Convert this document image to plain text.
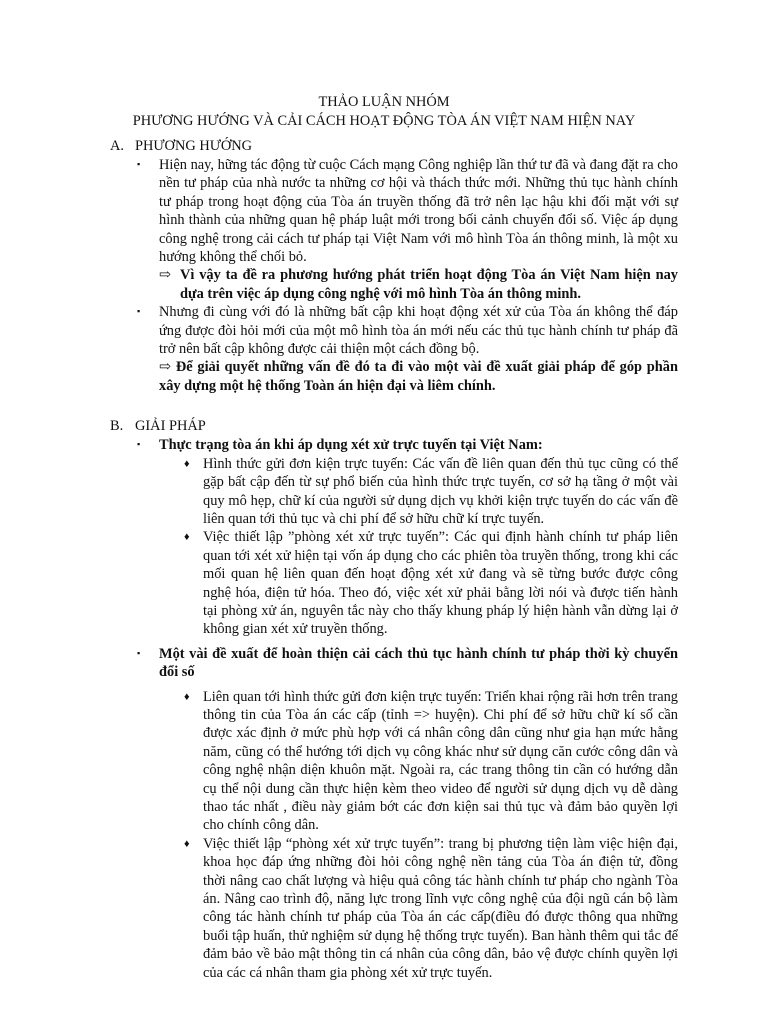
THẢO LUẬN NHÓM

PHƯƠNG HƯỚNG VÀ CẢI CÁCH HOẠT ĐỘNG TÒA ÁN VIỆT NAM HIỆN NAY

A. PHƯƠNG HƯỚNG
▪ Hiện nay, hững tác động từ cuộc Cách mạng Công nghiệp lần thứ tư đã và đang đặt ra cho nền tư pháp của nhà nước ta những cơ hội và thách thức mới. Những thủ tục hành chính tư pháp trong hoạt động của Tòa án truyền thống đã trở nên lạc hậu khi đối mặt với sự hình thành của những quan hệ pháp luật mới trong bối cảnh chuyển đổi số. Việc áp dụng công nghệ trong cải cách tư pháp tại Việt Nam với mô hình Tòa án thông minh, là một xu hướng không thể chối bỏ.
⇨ Vì vậy ta đề ra phương hướng phát triển hoạt động Tòa án Việt Nam hiện nay dựa trên việc áp dụng công nghệ với mô hình Tòa án thông minh.
▪ Nhưng đi cùng với đó là những bất cập khi hoạt động xét xử của Tòa án không thể đáp ứng được đòi hỏi mới của một mô hình tòa án mới nếu các thủ tục hành chính tư pháp đã trở nên bất cập không được cải thiện một cách đồng bộ.
⇨ Để giải quyết những vấn đề đó ta đi vào một vài đề xuất giải pháp để góp phần xây dựng một hệ thống Toàn án hiện đại và liêm chính.
B. GIẢI PHÁP
▪ Thực trạng tòa án khi áp dụng xét xử trực tuyến tại Việt Nam:
♦ Hình thức gửi đơn kiện trực tuyến: Các vấn đề liên quan đến thủ tục cũng có thể gặp bất cập đến từ sự phổ biến của hình thức trực tuyến, cơ sở hạ tầng ở một vài quy mô hẹp, chữ kí của người sử dụng dịch vụ khởi kiện trực tuyến do các vấn đề liên quan tới thủ tục và chi phí để sở hữu chữ kí trực tuyến.
♦ Việc thiết lập ”phòng xét xử trực tuyến”: Các qui định hành chính tư pháp liên quan tới xét xử hiện tại vốn áp dụng cho các phiên tòa truyền thống, trong khi các mối quan hệ liên quan đến hoạt động xét xử đang và sẽ từng bước được công nghệ hóa, điện tử hóa. Theo đó, việc xét xử phải bằng lời nói và được tiến hành tại phòng xử án, nguyên tắc này cho thấy khung pháp lý hiện hành vẫn dừng lại ở không gian xét xử truyền thống.
▪ Một vài đề xuất để hoàn thiện cải cách thủ tục hành chính tư pháp thời kỳ chuyển đổi số
♦ Liên quan tới hình thức gửi đơn kiện trực tuyến: Triển khai rộng rãi hơn trên trang thông tin của Tòa án các cấp (tỉnh => huyện). Chi phí để sở hữu chữ kí số cần được xác định ở mức phù hợp với cá nhân công dân cũng như gia hạn mức hằng năm, cũng có thể hướng tới dịch vụ công khác như sử dụng căn cước công dân và công nghệ nhận diện khuôn mặt. Ngoài ra, các trang thông tin cần có hướng dẫn cụ thể nội dung cần thực hiện kèm theo video để người sử dụng dịch vụ dễ dàng thao tác nhất , điều này giảm bớt các đơn kiện sai thủ tục và đảm bảo quyền lợi cho chính công dân.
♦ Việc thiết lập “phòng xét xử trực tuyến”: trang bị phương tiện làm việc hiện đại, khoa học đáp ứng những đòi hỏi công nghệ nền tảng của Tòa án điện tử, đồng thời nâng cao chất lượng và hiệu quả công tác hành chính tư pháp cho ngành Tòa án. Nâng cao trình độ, năng lực trong lĩnh vực công nghệ của đội ngũ cán bộ làm công tác hành chính tư pháp của Tòa án các cấp(điều đó được thông qua những buổi tập huấn, thử nghiệm sử dụng hệ thống trực tuyến). Ban hành thêm qui tắc để đảm bảo về bảo mật thông tin cá nhân của công dân, bảo vệ được chính quyền lợi của các cá nhân tham gia phòng xét xử trực tuyến.
